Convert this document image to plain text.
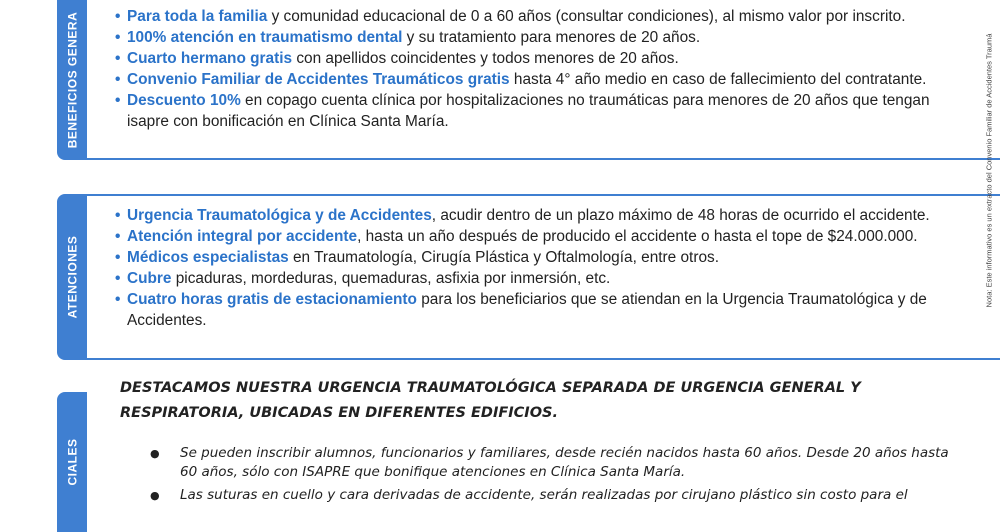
BENEFICIOS GENERA
•	Para toda la familia y comunidad educacional de 0 a 60 años (consultar condiciones), al mismo valor por inscrito.
• 100% atención en traumatismo dental y su tratamiento para menores de 20 años.
• Cuarto hermano gratis con apellidos coincidentes y todos menores de 20 años.
• Convenio Familiar de Accidentes Traumáticos gratis hasta 4° año medio en caso de fallecimiento del contratante.
• Descuento 10% en copago cuenta clínica por hospitalizaciones no traumáticas para menores de 20 años que tengan isapre con bonificación en Clínica Santa María.
ATENCIONES
• Urgencia Traumatológica y de Accidentes, acudir dentro de un plazo máximo de 48 horas de ocurrido el accidente.
• Atención integral por accidente, hasta un año después de producido el accidente o hasta el tope de $24.000.000.
• Médicos especialistas en Traumatología, Cirugía Plástica y Oftalmología, entre otros.
• Cubre picaduras, mordeduras, quemaduras, asfixia por inmersión, etc.
• Cuatro horas gratis de estacionamiento para los beneficiarios que se atiendan en la Urgencia Traumatológica y de Accidentes.
Nota: Este informativo es un extracto del Convenio Familiar de Accidentes Traumá
CIALES

DESTACAMOS NUESTRA URGENCIA TRAUMATOLÓGICA SEPARADA DE URGENCIA GENERAL Y RESPIRATORIA, UBICADAS EN DIFERENTES EDIFICIOS.

● Se pueden inscribir alumnos, funcionarios y familiares, desde recién nacidos hasta 60 años. Desde 20 años hasta 60 años, sólo con ISAPRE que bonifique atenciones en Clínica Santa María.
● Las suturas en cuello y cara derivadas de accidente, serán realizadas por cirujano plástico sin costo para el
